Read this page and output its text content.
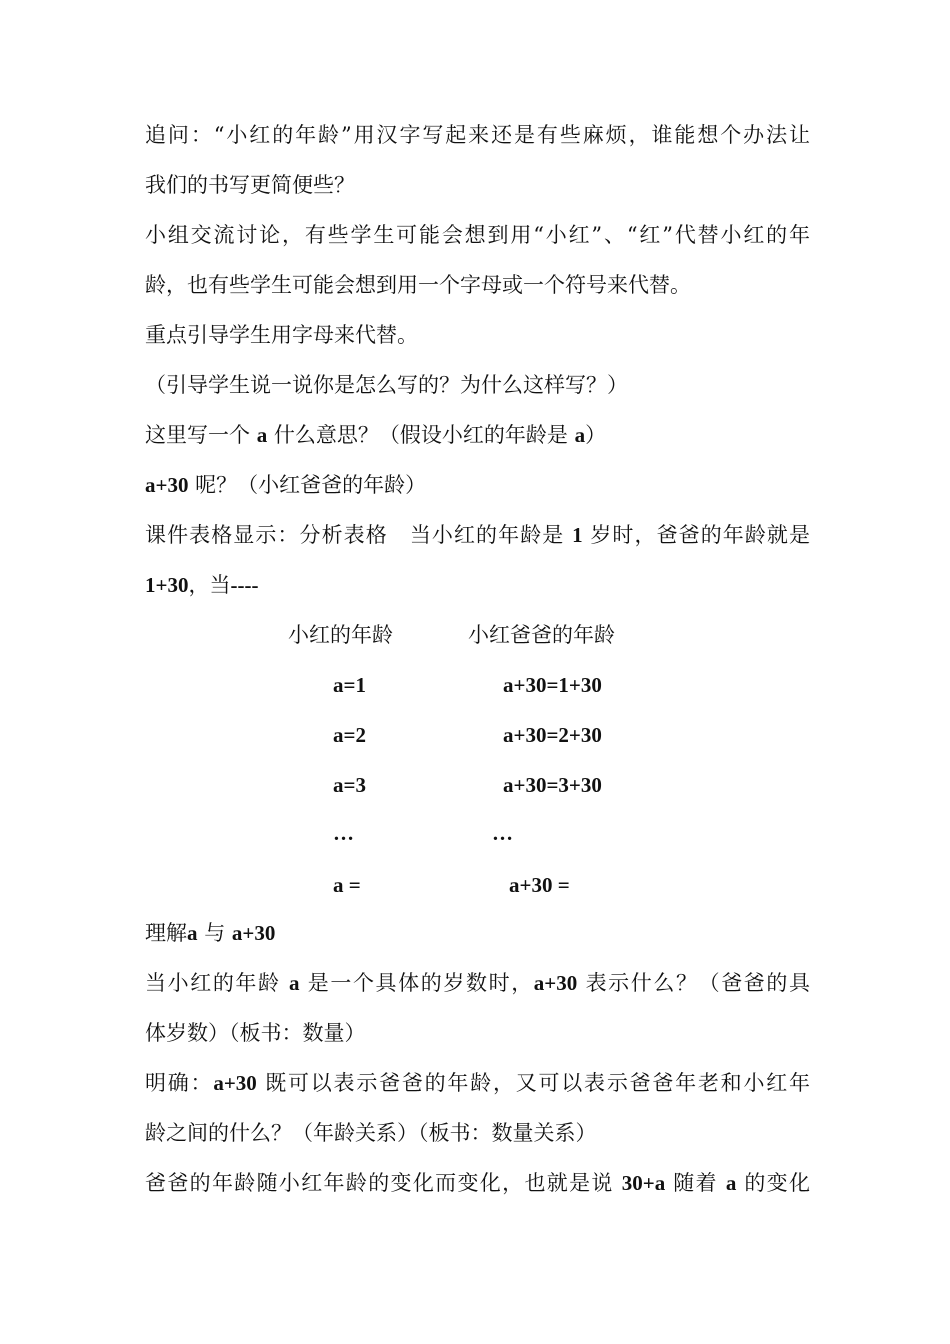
追问：“小红的年龄”用汉字写起来还是有些麻烦，谁能想个办法让
我们的书写更简便些？
小组交流讨论，有些学生可能会想到用“小红”、“红”代替小红的年
龄，也有些学生可能会想到用一个字母或一个符号来代替。
重点引导学生用字母来代替。
（引导学生说一说你是怎么写的？为什么这样写？）
这里写一个 a 什么意思？（假设小红的年龄是 a）
a+30 呢？（小红爸爸的年龄）
课件表格显示：分析表格　当小红的年龄是 1 岁时，爸爸的年龄就是
1+30，当----
小红的年龄	小红爸爸的年龄
a=1	a+30=1+30
a=2	a+30=2+30
a=3	a+30=3+30
…	…
a =	a+30 =
理解a 与 a+30
当小红的年龄 a 是一个具体的岁数时，a+30 表示什么？（爸爸的具
体岁数）（板书：数量）
明确：a+30 既可以表示爸爸的年龄，又可以表示爸爸年老和小红年
龄之间的什么？（年龄关系）（板书：数量关系）
爸爸的年龄随小红年龄的变化而变化，也就是说 30+a 随着 a 的变化
